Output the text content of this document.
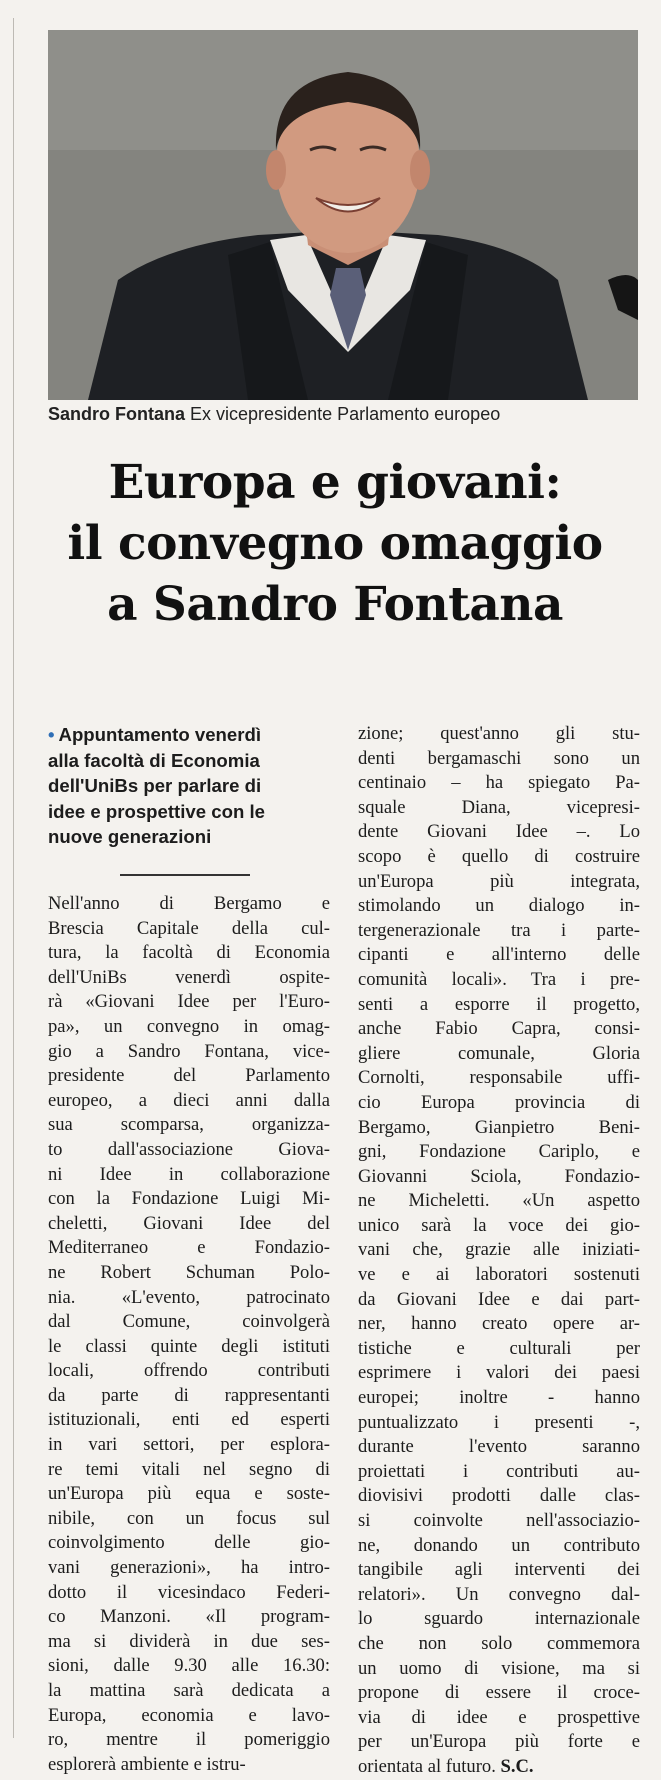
Sandro Fontana Ex vicepresidente Parlamento europeo
Europa e giovani:
il convegno omaggio
a Sandro Fontana
• Appuntamento venerdì
alla facoltà di Economia
dell'UniBs per parlare di
idee e prospettive con le
nuove generazioni
Nell'anno di Bergamo e
Brescia Capitale della cul-
tura, la facoltà di Economia
dell'UniBs venerdì ospite-
rà «Giovani Idee per l'Euro-
pa», un convegno in omag-
gio a Sandro Fontana, vice-
presidente del Parlamento
europeo, a dieci anni dalla
sua scomparsa, organizza-
to dall'associazione Giova-
ni Idee in collaborazione
con la Fondazione Luigi Mi-
cheletti, Giovani Idee del
Mediterraneo e Fondazio-
ne Robert Schuman Polo-
nia. «L'evento, patrocinato
dal Comune, coinvolgerà
le classi quinte degli istituti
locali, offrendo contributi
da parte di rappresentanti
istituzionali, enti ed esperti
in vari settori, per esplora-
re temi vitali nel segno di
un'Europa più equa e soste-
nibile, con un focus sul
coinvolgimento delle gio-
vani generazioni», ha intro-
dotto il vicesindaco Federi-
co Manzoni. «Il program-
ma si dividerà in due ses-
sioni, dalle 9.30 alle 16.30:
la mattina sarà dedicata a
Europa, economia e lavo-
ro, mentre il pomeriggio
esplorerà ambiente e istru-
zione; quest'anno gli stu-
denti bergamaschi sono un
centinaio – ha spiegato Pa-
squale Diana, vicepresi-
dente Giovani Idee –. Lo
scopo è quello di costruire
un'Europa più integrata,
stimolando un dialogo in-
tergenerazionale tra i parte-
cipanti e all'interno delle
comunità locali». Tra i pre-
senti a esporre il progetto,
anche Fabio Capra, consi-
gliere comunale, Gloria
Cornolti, responsabile uffi-
cio Europa provincia di
Bergamo, Gianpietro Beni-
gni, Fondazione Cariplo, e
Giovanni Sciola, Fondazio-
ne Micheletti. «Un aspetto
unico sarà la voce dei gio-
vani che, grazie alle iniziati-
ve e ai laboratori sostenuti
da Giovani Idee e dai part-
ner, hanno creato opere ar-
tistiche e culturali per
esprimere i valori dei paesi
europei; inoltre - hanno
puntualizzato i presenti -,
durante l'evento saranno
proiettati i contributi au-
diovisivi prodotti dalle clas-
si coinvolte nell'associazio-
ne, donando un contributo
tangibile agli interventi dei
relatori». Un convegno dal-
lo sguardo internazionale
che non solo commemora
un uomo di visione, ma si
propone di essere il croce-
via di idee e prospettive
per un'Europa più forte e
orientata al futuro. S.C.
